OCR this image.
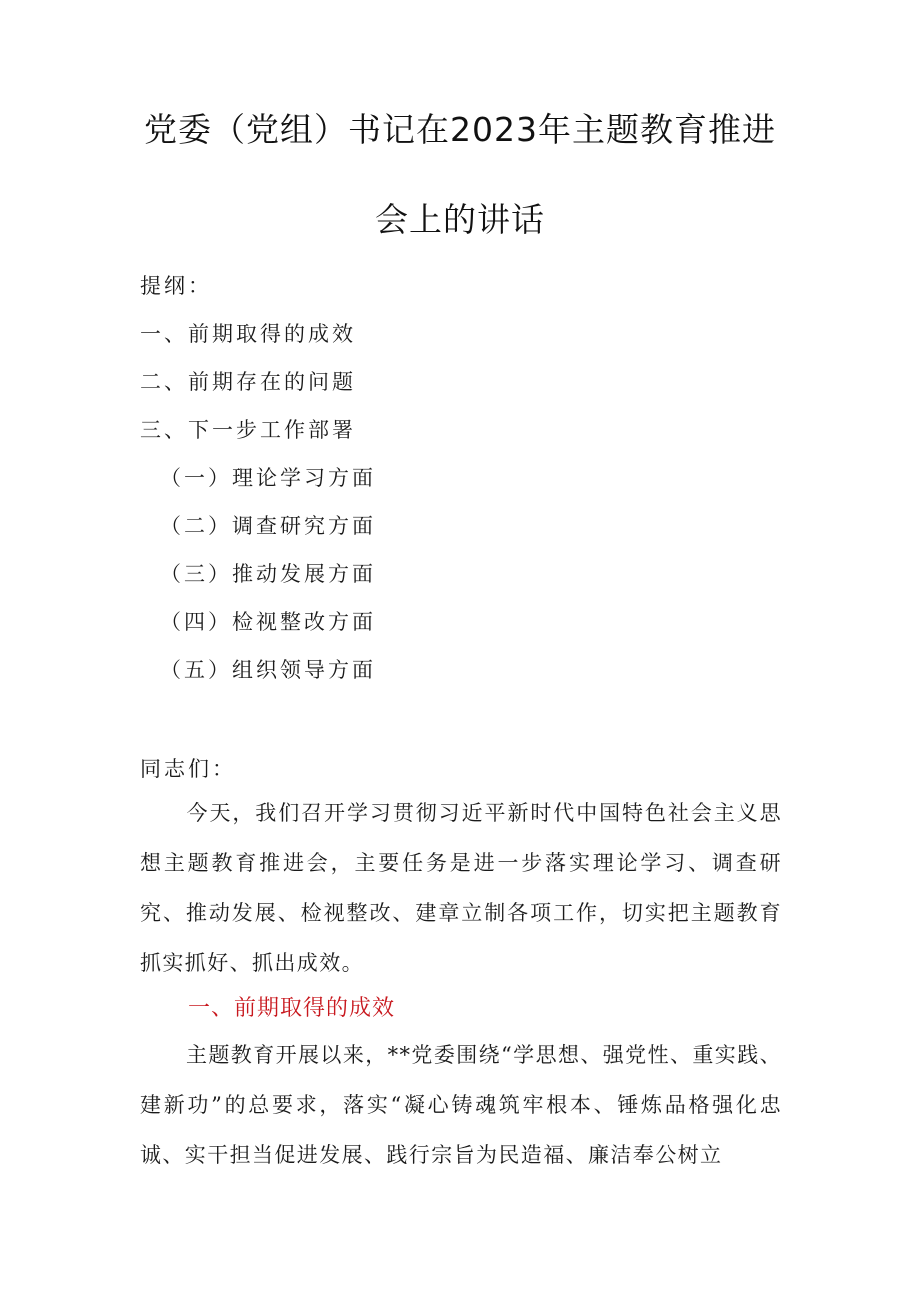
党委（党组）书记在2023年主题教育推进
会上的讲话
提纲：
一、前期取得的成效
二、前期存在的问题
三、下一步工作部署
（一）理论学习方面
（二）调查研究方面
（三）推动发展方面
（四）检视整改方面
（五）组织领导方面
同志们：
今天，我们召开学习贯彻习近平新时代中国特色社会主义思想主题教育推进会，主要任务是进一步落实理论学习、调查研究、推动发展、检视整改、建章立制各项工作，切实把主题教育抓实抓好、抓出成效。
一、前期取得的成效
主题教育开展以来，**党委围绕“学思想、强党性、重实践、建新功”的总要求，落实“凝心铸魂筑牢根本、锤炼品格强化忠诚、实干担当促进发展、践行宗旨为民造福、廉洁奉公树立
